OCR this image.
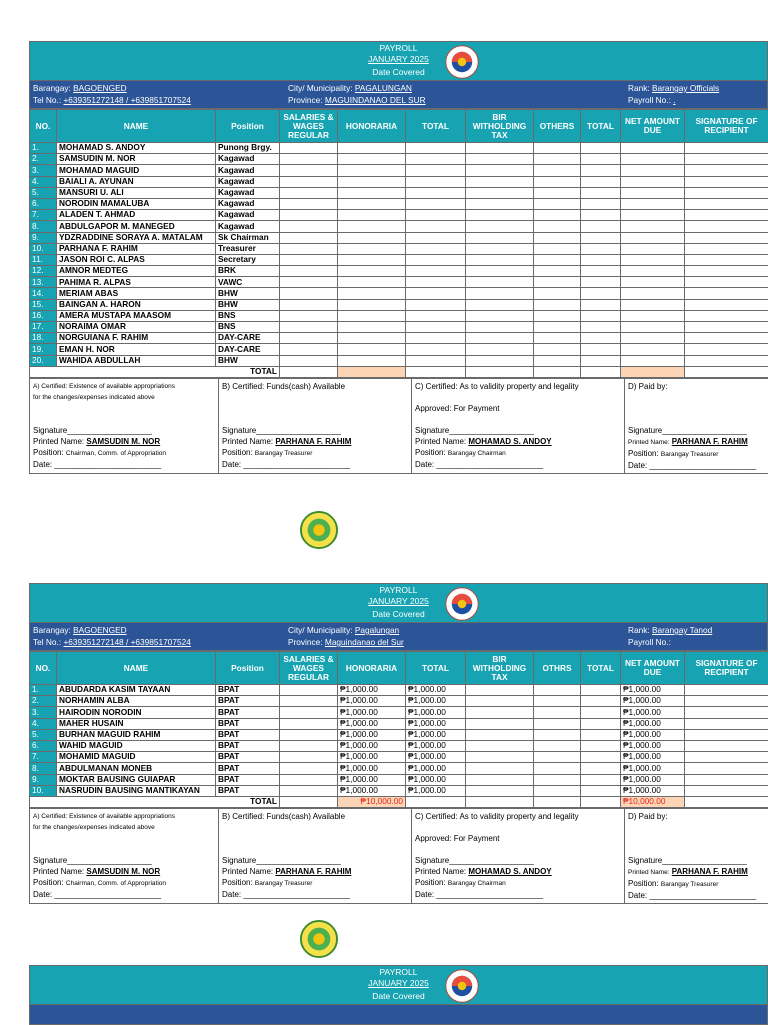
PAYROLL
JANUARY 2025
Date Covered
Barangay: BAGOENGED
Tel No.: +639351272148 / +639851707524
City/ Municipality: PAGALUNGAN
Province: MAGUINDANAO DEL SUR
Rank: Barangay Officials
Payroll No.: .
NO.	NAME	Position	SALARIES & WAGES REGULAR	HONORARIA	TOTAL	BIR WITHOLDING TAX	OTHERS	TOTAL	NET AMOUNT DUE	SIGNATURE OF RECIPIENT
1.	MOHAMAD S. ANDOY	Punong Brgy.								
2.	SAMSUDIN M. NOR	Kagawad								
3.	MOHAMAD MAGUID	Kagawad								
4.	BAIALI A. AYUNAN	Kagawad								
5.	MANSURI U. ALI	Kagawad								
6.	NORODIN MAMALUBA	Kagawad								
7.	ALADEN T. AHMAD	Kagawad								
8.	ABDULGAPOR M. MANEGED	Kagawad								
9.	YDZRADDINE SORAYA A. MATALAM	Sk Chairman								
10.	PARHANA F. RAHIM	Treasurer								
11.	JASON ROI C. ALPAS	Secretary								
12.	AMNOR MEDTEG	BRK								
13.	PAHIMA R. ALPAS	VAWC								
14.	MERIAM ABAS	BHW								
15.	BAINGAN A. HARON	BHW								
16.	AMERA MUSTAPA MAASOM	BNS								
17.	NORAIMA OMAR	BNS								
18.	NORGUIANA F. RAHIM	DAY-CARE								
19.	EMAN H. NOR	DAY-CARE								
20.	WAHIDA ABDULLAH	BHW								
TOTAL										
A) Certified: Existence of available appropriations
for the changes/expenses indicated above
Signature___________________
Printed Name: SAMSUDIN M. NOR
Position: Chairman, Comm. of Appropriation
Date: ________________________

B) Certified: Funds(cash) Available
Signature___________________
Printed Name: PARHANA F. RAHIM
Position: Barangay Treasurer
Date: ________________________

C) Certified: As to validity property and legality
Approved: For Payment
Signature___________________
Printed Name: MOHAMAD S. ANDOY
Position: Barangay Chairman
Date: ________________________

D) Paid by:
Signature___________________
Printed Name: PARHANA F. RAHIM
Position: Barangay Treasurer
Date: ________________________
PAYROLL
JANUARY 2025
Date Covered
Barangay: BAGOENGED
Tel No.: +639351272148 / +639851707524
City/ Municipality: Pagalungan
Province: Maguindanao del Sur
Rank: Barangay Tanod
Payroll No.:
NO.	NAME	Position	SALARIES & WAGES REGULAR	HONORARIA	TOTAL	BIR WITHOLDING TAX	OTHRS	TOTAL	NET AMOUNT DUE	SIGNATURE OF RECIPIENT
1.	ABUDARDA KASIM TAYAAN	BPAT		₱1,000.00	₱1,000.00				₱1,000.00	
2.	NORHAMIN ALBA	BPAT		₱1,000.00	₱1,000.00				₱1,000.00	
3.	HAIRODIN NORODIN	BPAT		₱1,000.00	₱1,000.00				₱1,000.00	
4.	MAHER HUSAIN	BPAT		₱1,000.00	₱1,000.00				₱1,000.00	
5.	BURHAN MAGUID RAHIM	BPAT		₱1,000.00	₱1,000.00				₱1,000.00	
6.	WAHID MAGUID	BPAT		₱1,000.00	₱1,000.00				₱1,000.00	
7.	MOHAMID MAGUID	BPAT		₱1,000.00	₱1,000.00				₱1,000.00	
8.	ABDULMANAN MONEB	BPAT		₱1,000.00	₱1,000.00				₱1,000.00	
9.	MOKTAR BAUSING GUIAPAR	BPAT		₱1,000.00	₱1,000.00				₱1,000.00	
10.	NASRUDIN BAUSING MANTIKAYAN	BPAT		₱1,000.00	₱1,000.00				₱1,000.00	
TOTAL				₱10,000.00					₱10,000.00	
A) Certified: Existence of available appropriations
for the changes/expenses indicated above
Signature___________________
Printed Name: SAMSUDIN M. NOR
Position: Chairman, Comm. of Appropriation
Date: ________________________

B) Certified: Funds(cash) Available
Signature___________________
Printed Name: PARHANA F. RAHIM
Position: Barangay Treasurer
Date: ________________________

C) Certified: As to validity property and legality
Approved: For Payment
Signature___________________
Printed Name: MOHAMAD S. ANDOY
Position: Barangay Chairman
Date: ________________________

D) Paid by:
Signature___________________
Printed Name: PARHANA F. RAHIM
Position: Barangay Treasurer
Date: ________________________
PAYROLL
JANUARY 2025
Date Covered
